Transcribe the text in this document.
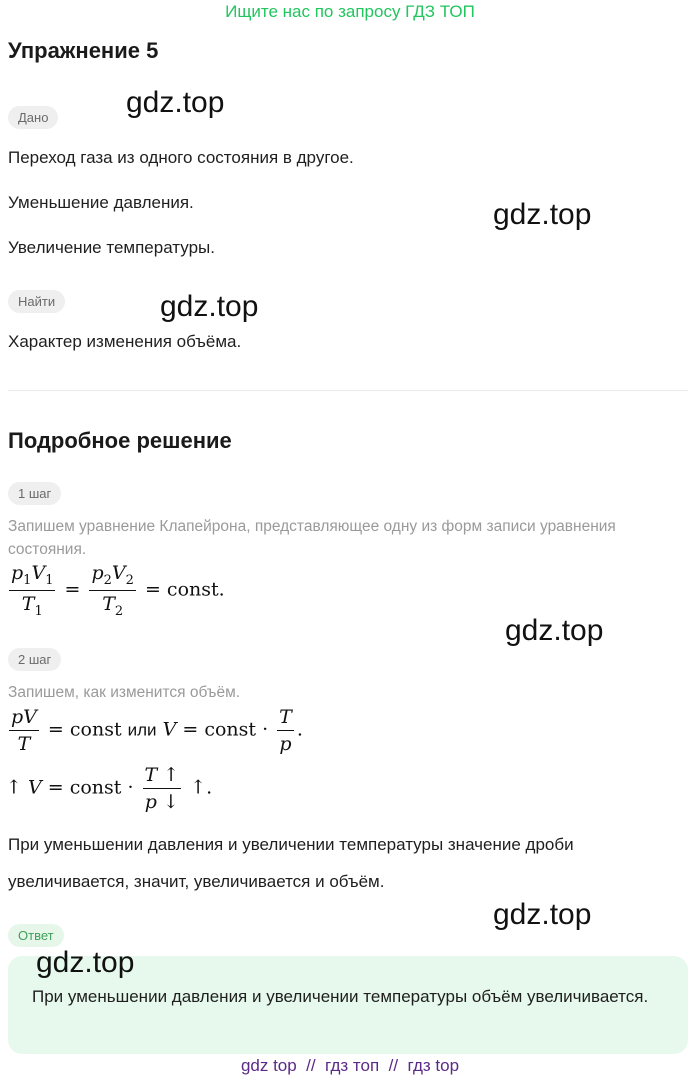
Ищите нас по запросу ГДЗ ТОП
Упражнение 5
Дано
Переход газа из одного состояния в другое.
Уменьшение давления.
Увеличение температуры.
Найти
Характер изменения объёма.
Подробное решение
1 шаг
Запишем уравнение Клапейрона, представляющее одну из форм записи уравнения состояния.
$\frac{p_1V_1}{T_1} = \frac{p_2V_2}{T_2}$ = const.
2 шаг
Запишем, как изменится объём.
$\frac{pV}{T}$ = const или V = const · $\frac{T}{p}$ .
↑ V = const · $\frac{T ↑}{p ↓}$ ↑.
При уменьшении давления и увеличении температуры значение дроби увеличивается, значит, увеличивается и объём.
Ответ
При уменьшении давления и увеличении температуры объём увеличивается.
gdz.top
gdz.top
gdz.top
gdz.top
gdz.top
gdz.top
gdz top  //  гдз топ  //  гдз top
